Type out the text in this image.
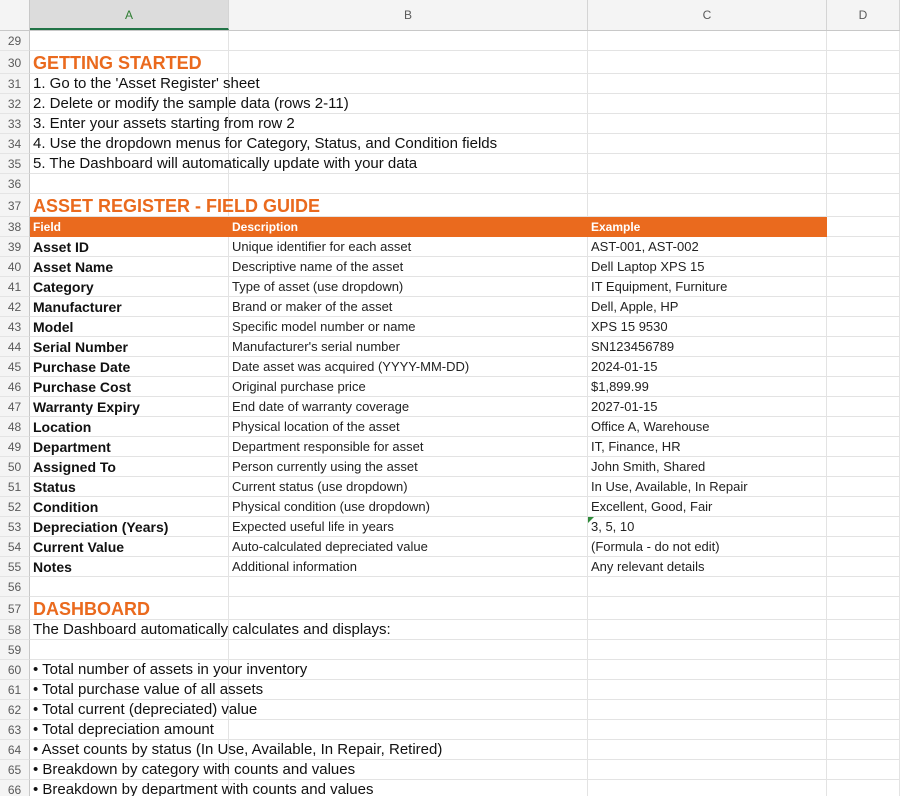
A	B	C	D
29
30 GETTING STARTED
31 1. Go to the 'Asset Register' sheet
32 2. Delete or modify the sample data (rows 2-11)
33 3. Enter your assets starting from row 2
34 4. Use the dropdown menus for Category, Status, and Condition fields
35 5. The Dashboard will automatically update with your data
36
37 ASSET REGISTER - FIELD GUIDE
38 Field	Description	Example
39 Asset ID	Unique identifier for each asset	AST-001, AST-002
40 Asset Name	Descriptive name of the asset	Dell Laptop XPS 15
41 Category	Type of asset (use dropdown)	IT Equipment, Furniture
42 Manufacturer	Brand or maker of the asset	Dell, Apple, HP
43 Model	Specific model number or name	XPS 15 9530
44 Serial Number	Manufacturer's serial number	SN123456789
45 Purchase Date	Date asset was acquired (YYYY-MM-DD)	2024-01-15
46 Purchase Cost	Original purchase price	$1,899.99
47 Warranty Expiry	End date of warranty coverage	2027-01-15
48 Location	Physical location of the asset	Office A, Warehouse
49 Department	Department responsible for asset	IT, Finance, HR
50 Assigned To	Person currently using the asset	John Smith, Shared
51 Status	Current status (use dropdown)	In Use, Available, In Repair
52 Condition	Physical condition (use dropdown)	Excellent, Good, Fair
53 Depreciation (Years)	Expected useful life in years	3, 5, 10
54 Current Value	Auto-calculated depreciated value	(Formula - do not edit)
55 Notes	Additional information	Any relevant details
56
57 DASHBOARD
58 The Dashboard automatically calculates and displays:
59
60 • Total number of assets in your inventory
61 • Total purchase value of all assets
62 • Total current (depreciated) value
63 • Total depreciation amount
64 • Asset counts by status (In Use, Available, In Repair, Retired)
65 • Breakdown by category with counts and values
66 • Breakdown by department with counts and values
